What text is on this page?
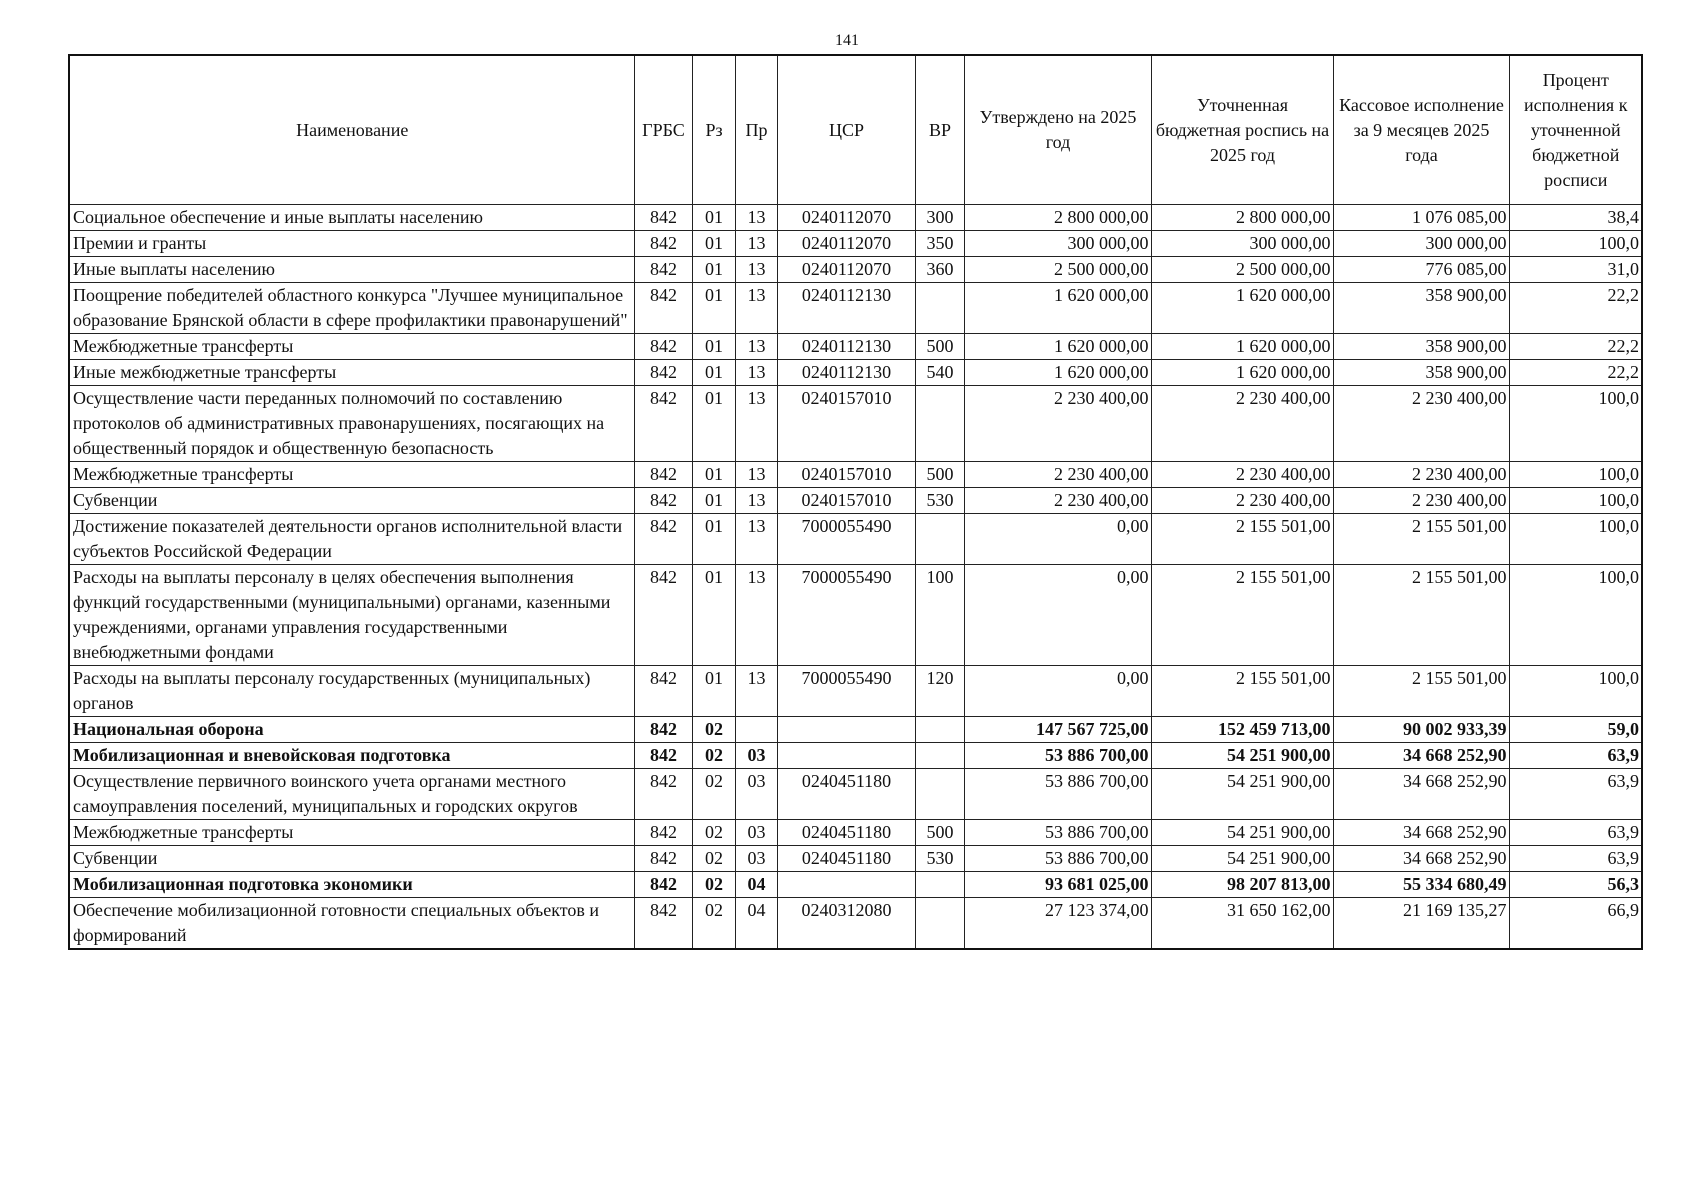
141
Наименование	ГРБС	Рз	Пр	ЦСР	ВР	Утверждено на 2025 год	Уточненная бюджетная роспись на 2025 год	Кассовое исполнение за 9 месяцев 2025 года	Процент исполнения к уточненной бюджетной росписи
Социальное обеспечение и иные выплаты населению	842	01	13	0240112070	300	2 800 000,00	2 800 000,00	1 076 085,00	38,4
Премии и гранты	842	01	13	0240112070	350	300 000,00	300 000,00	300 000,00	100,0
Иные выплаты населению	842	01	13	0240112070	360	2 500 000,00	2 500 000,00	776 085,00	31,0
Поощрение победителей областного конкурса "Лучшее муниципальное образование Брянской области в сфере профилактики правонарушений"	842	01	13	0240112130		1 620 000,00	1 620 000,00	358 900,00	22,2
Межбюджетные трансферты	842	01	13	0240112130	500	1 620 000,00	1 620 000,00	358 900,00	22,2
Иные межбюджетные трансферты	842	01	13	0240112130	540	1 620 000,00	1 620 000,00	358 900,00	22,2
Осуществление части переданных полномочий по составлению протоколов об административных правонарушениях, посягающих на общественный порядок и общественную безопасность	842	01	13	0240157010		2 230 400,00	2 230 400,00	2 230 400,00	100,0
Межбюджетные трансферты	842	01	13	0240157010	500	2 230 400,00	2 230 400,00	2 230 400,00	100,0
Субвенции	842	01	13	0240157010	530	2 230 400,00	2 230 400,00	2 230 400,00	100,0
Достижение показателей деятельности органов исполнительной власти субъектов Российской Федерации	842	01	13	7000055490		0,00	2 155 501,00	2 155 501,00	100,0
Расходы на выплаты персоналу в целях обеспечения выполнения функций государственными (муниципальными) органами, казенными учреждениями, органами управления государственными внебюджетными фондами	842	01	13	7000055490	100	0,00	2 155 501,00	2 155 501,00	100,0
Расходы на выплаты персоналу государственных (муниципальных) органов	842	01	13	7000055490	120	0,00	2 155 501,00	2 155 501,00	100,0
Национальная оборона	842	02				147 567 725,00	152 459 713,00	90 002 933,39	59,0
Мобилизационная и вневойсковая подготовка	842	02	03			53 886 700,00	54 251 900,00	34 668 252,90	63,9
Осуществление первичного воинского учета органами местного самоуправления поселений, муниципальных и городских округов	842	02	03	0240451180		53 886 700,00	54 251 900,00	34 668 252,90	63,9
Межбюджетные трансферты	842	02	03	0240451180	500	53 886 700,00	54 251 900,00	34 668 252,90	63,9
Субвенции	842	02	03	0240451180	530	53 886 700,00	54 251 900,00	34 668 252,90	63,9
Мобилизационная подготовка экономики	842	02	04			93 681 025,00	98 207 813,00	55 334 680,49	56,3
Обеспечение мобилизационной готовности специальных объектов и формирований	842	02	04	0240312080		27 123 374,00	31 650 162,00	21 169 135,27	66,9
